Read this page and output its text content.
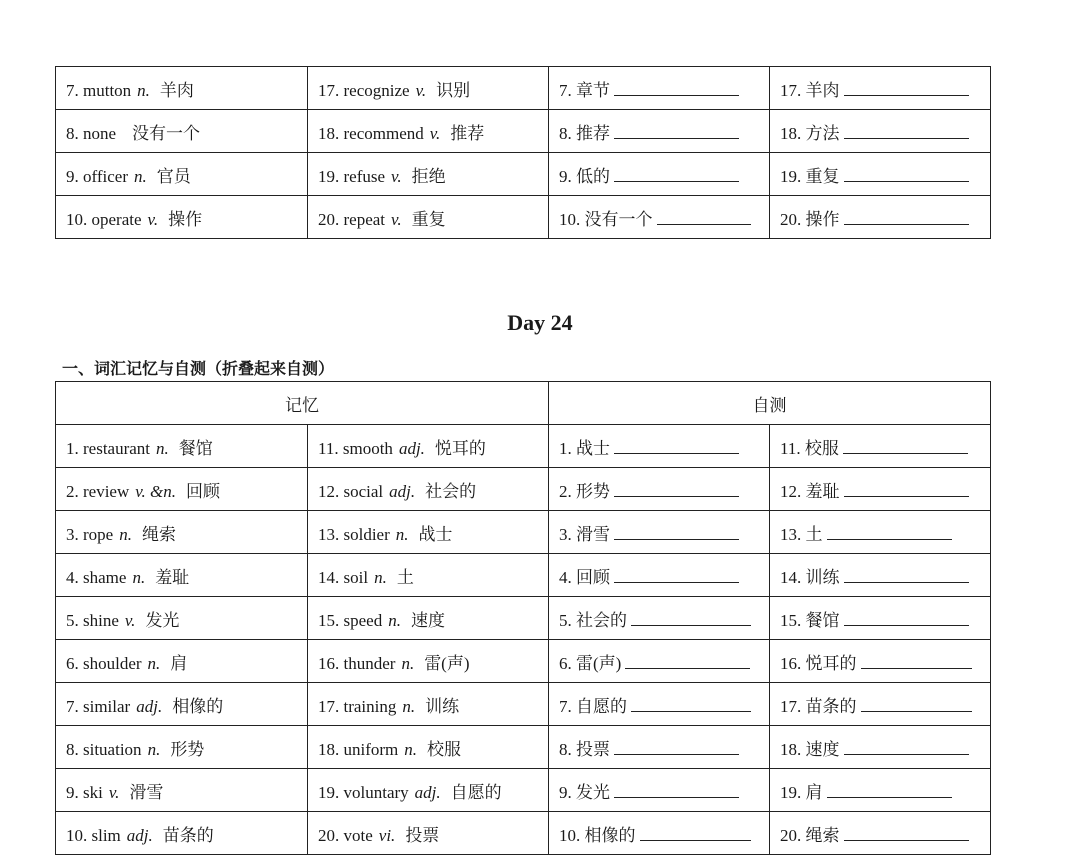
7. mutton n. 羊肉	17. recognize v. 识别	7. 章节	17. 羊肉
8. none 没有一个	18. recommend v. 推荐	8. 推荐	18. 方法
9. officer n. 官员	19. refuse v. 拒绝	9. 低的	19. 重复
10. operate v. 操作	20. repeat v. 重复	10. 没有一个	20. 操作
Day 24
一、词汇记忆与自测（折叠起来自测）
记忆		自测	
1. restaurant n. 餐馆	11. smooth adj. 悦耳的	1. 战士	11. 校服
2. review v. &n. 回顾	12. social adj. 社会的	2. 形势	12. 羞耻
3. rope n. 绳索	13. soldier n. 战士	3. 滑雪	13. 土
4. shame n. 羞耻	14. soil n. 土	4. 回顾	14. 训练
5. shine v. 发光	15. speed n. 速度	5. 社会的	15. 餐馆
6. shoulder n. 肩	16. thunder n. 雷(声)	6. 雷(声)	16. 悦耳的
7. similar adj. 相像的	17. training n. 训练	7. 自愿的	17. 苗条的
8. situation n. 形势	18. uniform n. 校服	8. 投票	18. 速度
9. ski v. 滑雪	19. voluntary adj. 自愿的	9. 发光	19. 肩
10. slim adj. 苗条的	20. vote vi. 投票	10. 相像的	20. 绳索
